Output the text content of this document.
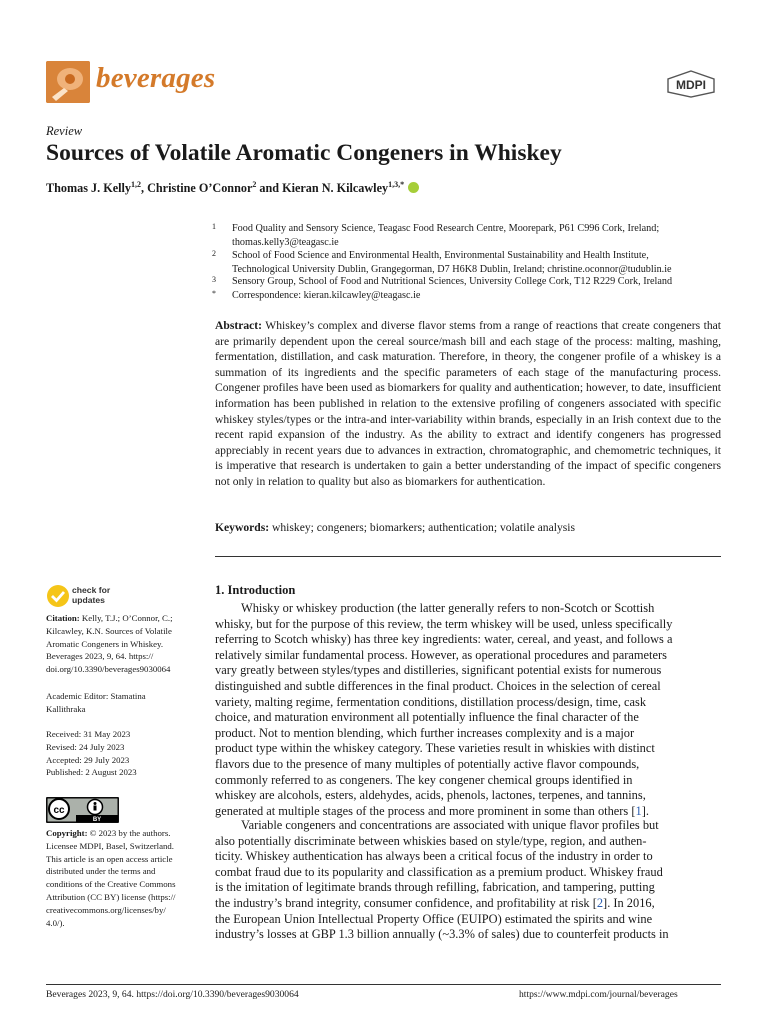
beverages	MDPI
Review
Sources of Volatile Aromatic Congeners in Whiskey
Thomas J. Kelly$^{1,2}$, Christine O’Connor$^2$ and Kieran N. Kilcawley$^{1,3,*}$
1 Food Quality and Sensory Science, Teagasc Food Research Centre, Moorepark, P61 C996 Cork, Ireland;
thomas.kelly3@teagasc.ie
2 School of Food Science and Environmental Health, Environmental Sustainability and Health Institute,
Technological University Dublin, Grangegorman, D7 H6K8 Dublin, Ireland; christine.oconnor@tudublin.ie
3 Sensory Group, School of Food and Nutritional Sciences, University College Cork, T12 R229 Cork, Ireland
* Correspondence: kieran.kilcawley@teagasc.ie
Abstract: Whiskey’s complex and diverse flavor stems from a range of reactions that create congeners that are primarily dependent upon the cereal source/mash bill and each stage of the process: malting, mashing, fermentation, distillation, and cask maturation. Therefore, in theory, the congener profile of a whiskey is a summation of its ingredients and the specific parameters of each stage of the manufacturing process. Congener profiles have been used as biomarkers for quality and authentication; however, to date, insufficient information has been published in relation to the extensive profiling of congeners associated with specific whiskey styles/types or the intra-and inter-variability within brands, especially in an Irish context due to the recent rapid expansion of the industry. As the ability to extract and identify congeners has progressed appreciably in recent years due to advances in extraction, chromatographic, and chemometric techniques, it is imperative that research is undertaken to gain a better understanding of the impact of specific congeners not only in relation to quality but also as biomarkers for authentication.
Keywords: whiskey; congeners; biomarkers; authentication; volatile analysis
check for
updates
Citation: Kelly, T.J.; O’Connor, C.;
Kilcawley, K.N. Sources of Volatile
Aromatic Congeners in Whiskey.
Beverages 2023, 9, 64. https://
doi.org/10.3390/beverages9030064
Academic Editor: Stamatina
Kallithraka
Received: 31 May 2023
Revised: 24 July 2023
Accepted: 29 July 2023
Published: 2 August 2023
cc
BY
Copyright: © 2023 by the authors.
Licensee MDPI, Basel, Switzerland.
This article is an open access article
distributed under the terms and
conditions of the Creative Commons
Attribution (CC BY) license (https://
creativecommons.org/licenses/by/
4.0/).
1. Introduction
Whisky or whiskey production (the latter generally refers to non-Scotch or Scottish
whisky, but for the purpose of this review, the term whiskey will be used, unless specifically
referring to Scotch whisky) has three key ingredients: water, cereal, and yeast, and follows a
relatively similar fundamental process. However, as operational procedures and parameters
vary greatly between styles/types and distilleries, significant potential exists for numerous
distinguished and subtle differences in the final product. Choices in the selection of cereal
variety, malting regime, fermentation conditions, distillation process/design, time, cask
choice, and maturation environment all potentially influence the final character of the
product. Not to mention blending, which further increases complexity and is a major
product type within the whiskey category. These varieties result in whiskies with distinct
flavors due to the presence of many multiples of potentially active flavor compounds,
commonly referred to as congeners. The key congener chemical groups identified in
whiskey are alcohols, esters, aldehydes, acids, phenols, lactones, terpenes, and tannins,
generated at multiple stages of the process and more prominent in some than others [1].
Variable congeners and concentrations are associated with unique flavor profiles but
also potentially discriminate between whiskies based on style/type, region, and authen-
ticity. Whiskey authentication has always been a critical focus of the industry in order to
combat fraud due to its popularity and classification as a premium product. Whiskey fraud
is the imitation of legitimate brands through refilling, fabrication, and tampering, putting
the industry’s brand integrity, consumer confidence, and profitability at risk [2]. In 2016,
the European Union Intellectual Property Office (EUIPO) estimated the spirits and wine
industry’s losses at GBP 1.3 billion annually (~3.3% of sales) due to counterfeit products in
Beverages 2023, 9, 64. https://doi.org/10.3390/beverages9030064	https://www.mdpi.com/journal/beverages
